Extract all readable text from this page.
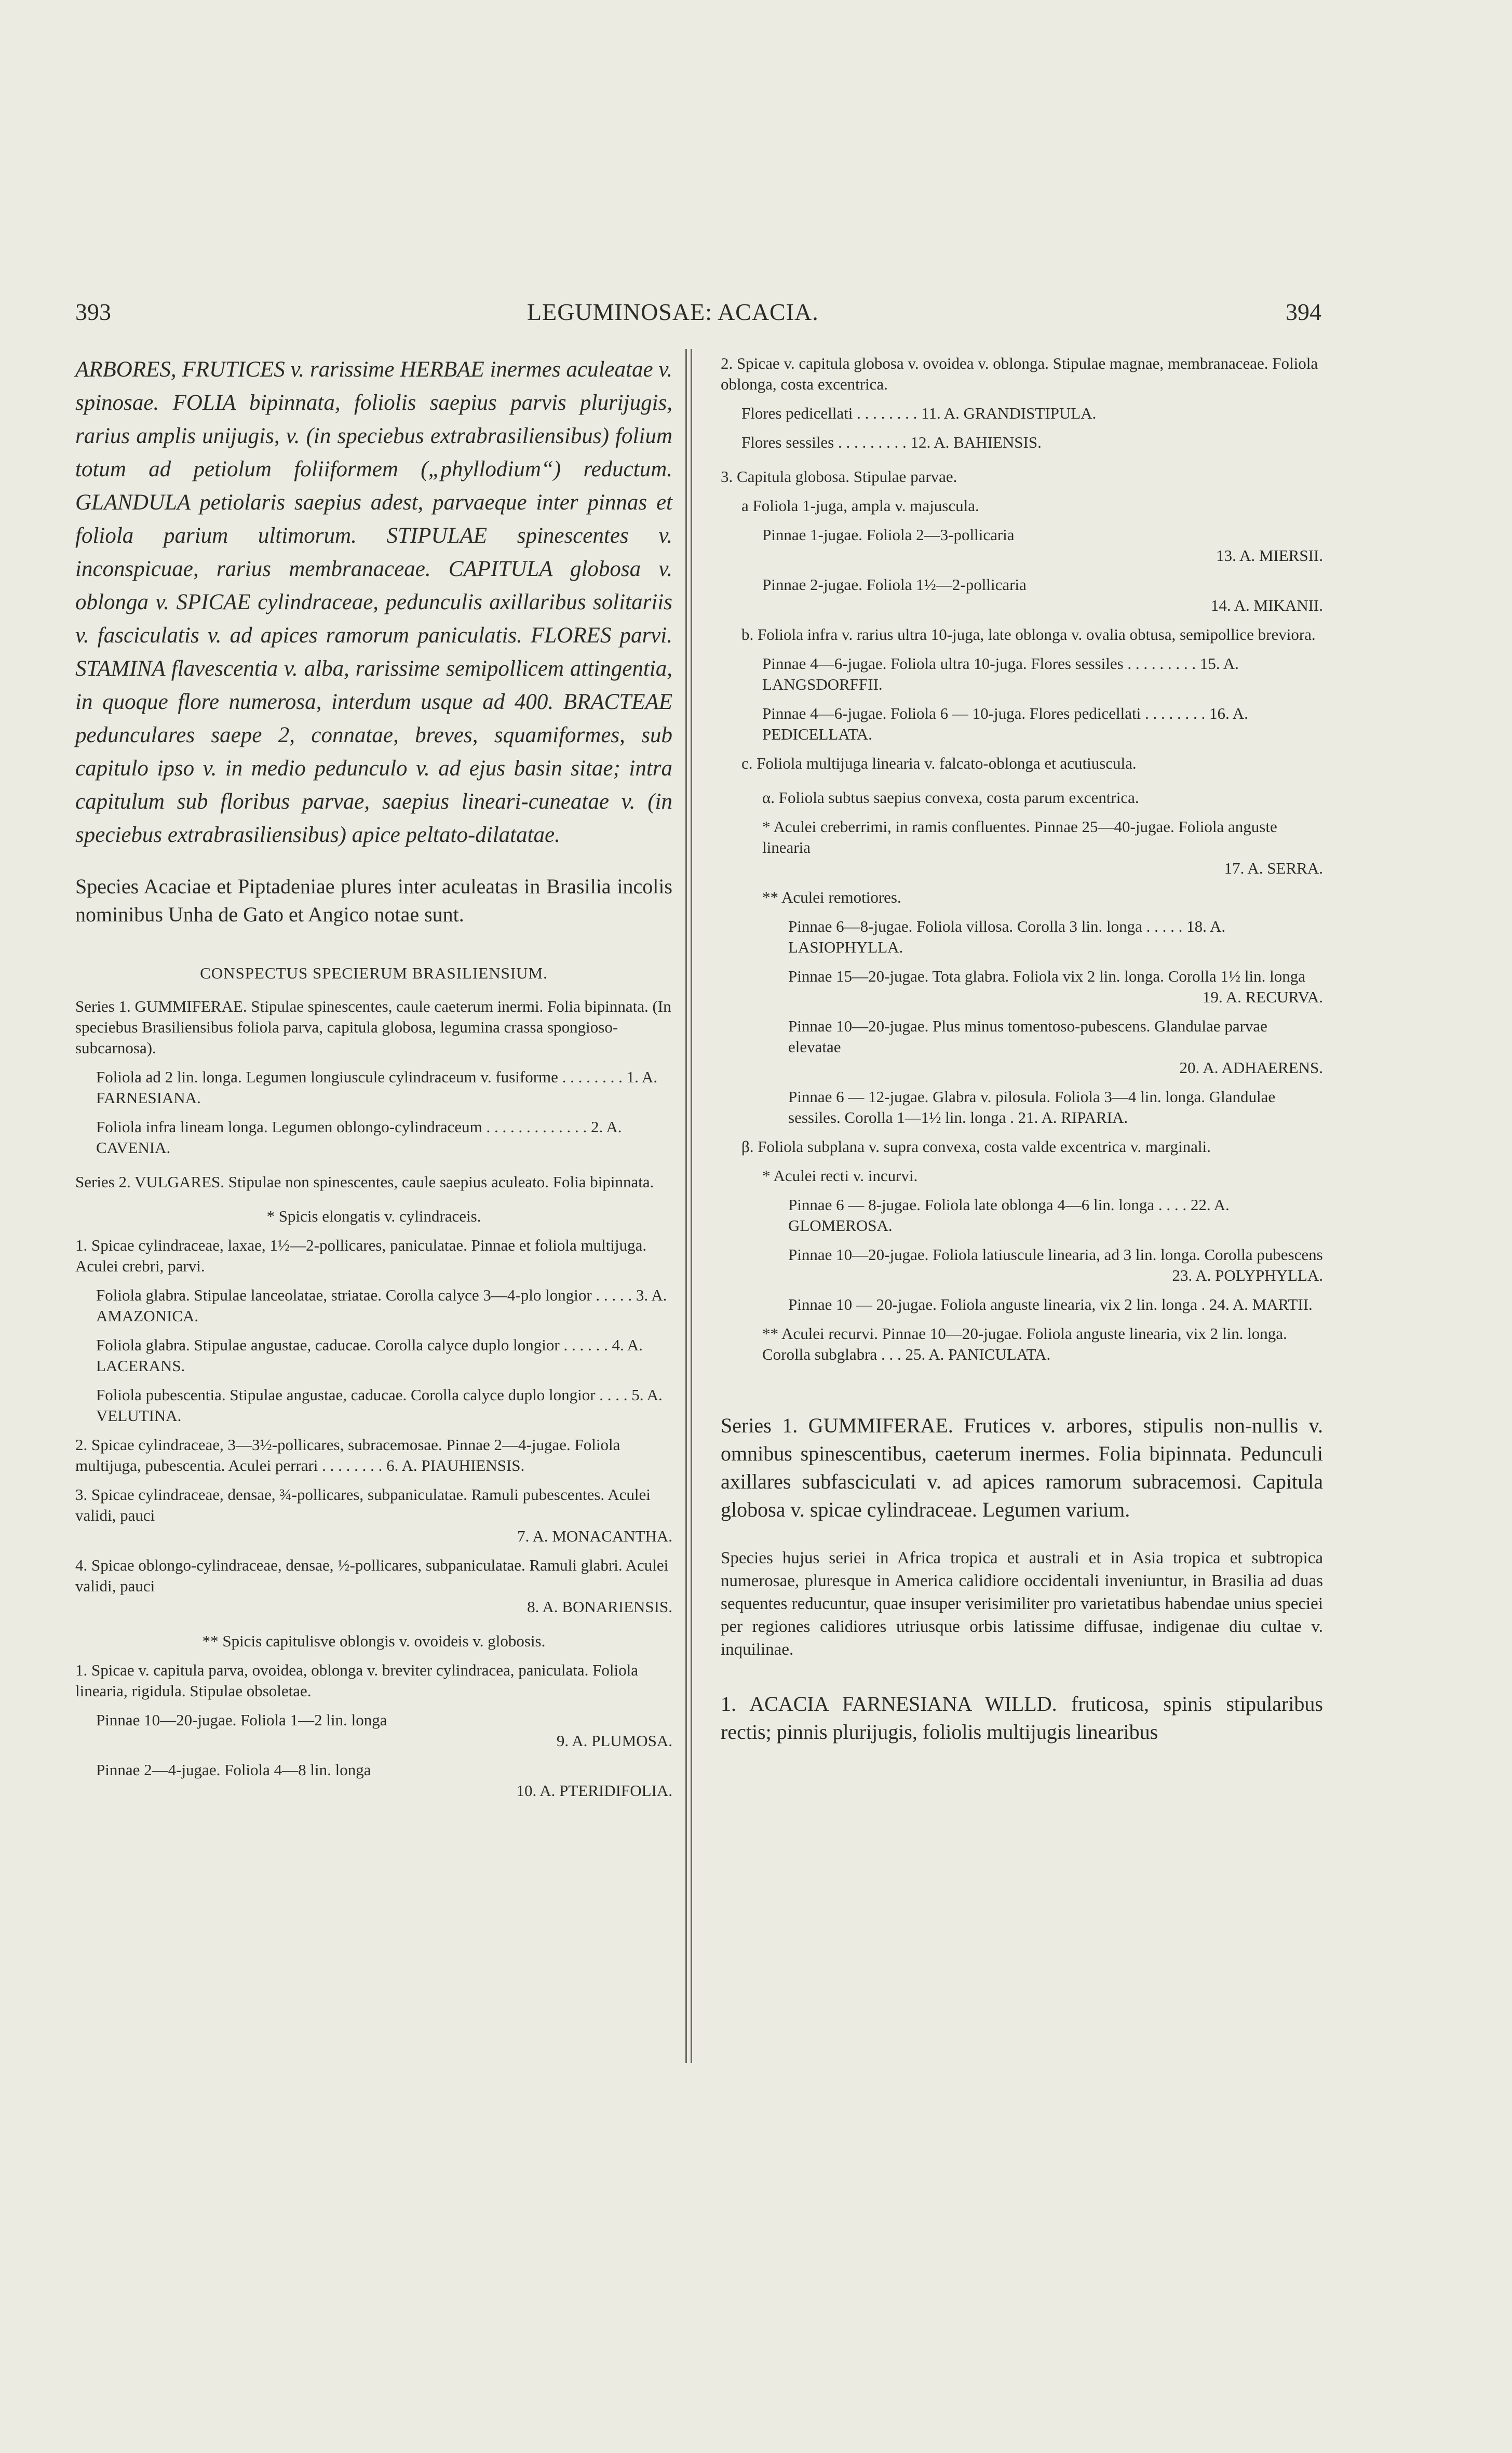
393	LEGUMINOSAE: ACACIA.	394
ARBORES, FRUTICES v. rarissime HERBAE inermes aculeatae v. spinosae. FOLIA bipinnata, foliolis saepius parvis plurijugis, rarius amplis unijugis, v. (in speciebus extrabrasiliensibus) folium totum ad petiolum foliiformem („phyllodium“) reductum. GLANDULA petiolaris saepius adest, parvaeque inter pinnas et foliola parium ultimorum. STIPULAE spinescentes v. inconspicuae, rarius membranaceae. CAPITULA globosa v. oblonga v. SPICAE cylindraceae, pedunculis axillaribus solitariis v. fasciculatis v. ad apices ramorum paniculatis. FLORES parvi. STAMINA flavescentia v. alba, rarissime semipollicem attingentia, in quoque flore numerosa, interdum usque ad 400. BRACTEAE pedunculares saepe 2, connatae, breves, squamiformes, sub capitulo ipso v. in medio pedunculo v. ad ejus basin sitae; intra capitulum sub floribus parvae, saepius lineari-cuneatae v. (in speciebus extrabrasiliensibus) apice peltato-dilatatae.
Species Acaciae et Piptadeniae plures inter aculeatas in Brasilia incolis nominibus Unha de Gato et Angico notae sunt.
CONSPECTUS SPECIERUM BRASILIENSIUM.
Series 1. GUMMIFERAE. Stipulae spinescentes, caule caeterum inermi. Folia bipinnata. (In speciebus Brasiliensibus foliola parva, capitula globosa, legumina crassa spongioso-subcarnosa).
Foliola ad 2 lin. longa. Legumen longiuscule cylindraceum v. fusiforme . . . . . . . . 1. A. FARNESIANA.
Foliola infra lineam longa. Legumen oblongo-cylindraceum . . . . . . . . . . . . . 2. A. CAVENIA.
Series 2. VULGARES. Stipulae non spinescentes, caule saepius aculeato. Folia bipinnata.
* Spicis elongatis v. cylindraceis.
1. Spicae cylindraceae, laxae, 1½—2-pollicares, paniculatae. Pinnae et foliola multijuga. Aculei crebri, parvi.
Foliola glabra. Stipulae lanceolatae, striatae. Corolla calyce 3—4-plo longior . . . . . 3. A. AMAZONICA.
Foliola glabra. Stipulae angustae, caducae. Corolla calyce duplo longior . . . . . . 4. A. LACERANS.
Foliola pubescentia. Stipulae angustae, caducae. Corolla calyce duplo longior . . . . 5. A. VELUTINA.
2. Spicae cylindraceae, 3—3½-pollicares, subracemosae. Pinnae 2—4-jugae. Foliola multijuga, pubescentia. Aculei perrari . . . . . . . . 6. A. PIAUHIENSIS.
3. Spicae cylindraceae, densae, ¾-pollicares, subpaniculatae. Ramuli pubescentes. Aculei validi, pauci
7. A. MONACANTHA.
4. Spicae oblongo-cylindraceae, densae, ½-pollicares, subpaniculatae. Ramuli glabri. Aculei validi, pauci
8. A. BONARIENSIS.
** Spicis capitulisve oblongis v. ovoideis v. globosis.
1. Spicae v. capitula parva, ovoidea, oblonga v. breviter cylindracea, paniculata. Foliola linearia, rigidula. Stipulae obsoletae.
Pinnae 10—20-jugae. Foliola 1—2 lin. longa
9. A. PLUMOSA.
Pinnae 2—4-jugae. Foliola 4—8 lin. longa
10. A. PTERIDIFOLIA.
2. Spicae v. capitula globosa v. ovoidea v. oblonga. Stipulae magnae, membranaceae. Foliola oblonga, costa excentrica.
Flores pedicellati . . . . . . . . 11. A. GRANDISTIPULA.
Flores sessiles . . . . . . . . . 12. A. BAHIENSIS.
3. Capitula globosa. Stipulae parvae.
a Foliola 1-juga, ampla v. majuscula.
Pinnae 1-jugae. Foliola 2—3-pollicaria
13. A. MIERSII.
Pinnae 2-jugae. Foliola 1½—2-pollicaria
14. A. MIKANII.
b. Foliola infra v. rarius ultra 10-juga, late oblonga v. ovalia obtusa, semipollice breviora.
Pinnae 4—6-jugae. Foliola ultra 10-juga. Flores sessiles . . . . . . . . . 15. A. LANGSDORFFII.
Pinnae 4—6-jugae. Foliola 6 — 10-juga. Flores pedicellati . . . . . . . . 16. A. PEDICELLATA.
c. Foliola multijuga linearia v. falcato-oblonga et acutiuscula.
α. Foliola subtus saepius convexa, costa parum excentrica.
* Aculei creberrimi, in ramis confluentes. Pinnae 25—40-jugae. Foliola anguste linearia
17. A. SERRA.
** Aculei remotiores.
Pinnae 6—8-jugae. Foliola villosa. Corolla 3 lin. longa . . . . . 18. A. LASIOPHYLLA.
Pinnae 15—20-jugae. Tota glabra. Foliola vix 2 lin. longa. Corolla 1½ lin. longa
19. A. RECURVA.
Pinnae 10—20-jugae. Plus minus tomentoso-pubescens. Glandulae parvae elevatae
20. A. ADHAERENS.
Pinnae 6 — 12-jugae. Glabra v. pilosula. Foliola 3—4 lin. longa. Glandulae sessiles. Corolla 1—1½ lin. longa . 21. A. RIPARIA.
β. Foliola subplana v. supra convexa, costa valde excentrica v. marginali.
* Aculei recti v. incurvi.
Pinnae 6 — 8-jugae. Foliola late oblonga 4—6 lin. longa . . . . 22. A. GLOMEROSA.
Pinnae 10—20-jugae. Foliola latiuscule linearia, ad 3 lin. longa. Corolla pubescens
23. A. POLYPHYLLA.
Pinnae 10 — 20-jugae. Foliola anguste linearia, vix 2 lin. longa . 24. A. MARTII.
** Aculei recurvi. Pinnae 10—20-jugae. Foliola anguste linearia, vix 2 lin. longa. Corolla subglabra . . . 25. A. PANICULATA.
Series 1. GUMMIFERAE. Frutices v. arbores, stipulis non-nullis v. omnibus spinescentibus, caeterum inermes. Folia bipinnata. Pedunculi axillares subfasciculati v. ad apices ramorum subracemosi. Capitula globosa v. spicae cylindraceae. Legumen varium.
Species hujus seriei in Africa tropica et australi et in Asia tropica et subtropica numerosae, pluresque in America calidiore occidentali inveniuntur, in Brasilia ad duas sequentes reducuntur, quae insuper verisimiliter pro varietatibus habendae unius speciei per regiones calidiores utriusque orbis latissime diffusae, indigenae diu cultae v. inquilinae.
1. ACACIA FARNESIANA WILLD. fruticosa, spinis stipularibus rectis; pinnis plurijugis, foliolis multijugis linearibus
